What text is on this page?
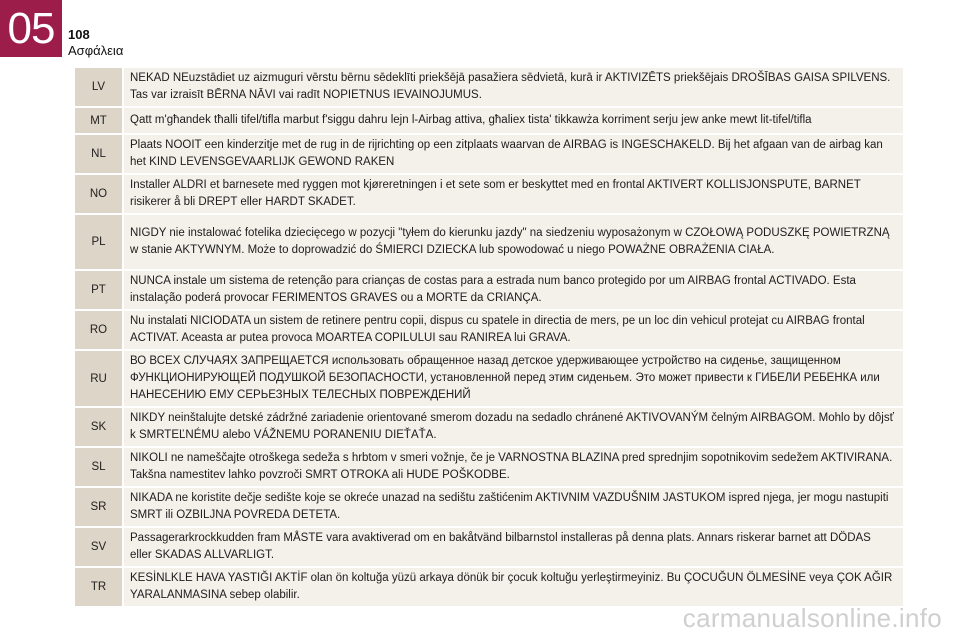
05	108
Ασφάλεια
LV	NEKAD NEuzstādiet uz aizmuguri vērstu bērnu sēdeklīti priekšējā pasažiera sēdvietā, kurā ir AKTIVIZĒTS priekšējais DROŠĪBAS GAISA SPILVENS. Tas var izraisīt BĒRNA NĀVI vai radīt NOPIETNUS IEVAINOJUMUS.
MT	Qatt m'għandek tħalli tifel/tifla marbut f'siggu dahru lejn l-Airbag attiva, għaliex tista' tikkawża korriment serju jew anke mewt lit-tifel/tifla
NL	Plaats NOOIT een kinderzitje met de rug in de rijrichting op een zitplaats waarvan de AIRBAG is INGESCHAKELD. Bij het afgaan van de airbag kan het KIND LEVENSGEVAARLIJK GEWOND RAKEN
NO	Installer ALDRI et barnesete med ryggen mot kjøreretningen i et sete som er beskyttet med en frontal AKTIVERT KOLLISJONSPUTE, BARNET risikerer å bli DREPT eller HARDT SKADET.
PL	NIGDY nie instalować fotelika dziecięcego w pozycji "tyłem do kierunku jazdy" na siedzeniu wyposażonym w CZOŁOWĄ PODUSZKĘ POWIETRZNĄ w stanie AKTYWNYM. Może to doprowadzić do ŚMIERCI DZIECKA lub spowodować u niego POWAŻNE OBRAŻENIA CIAŁA.
PT	NUNCA instale um sistema de retenção para crianças de costas para a estrada num banco protegido por um AIRBAG frontal ACTIVADO. Esta instalação poderá provocar FERIMENTOS GRAVES ou a MORTE da CRIANÇA.
RO	Nu instalati NICIODATA un sistem de retinere pentru copii, dispus cu spatele in directia de mers, pe un loc din vehicul protejat cu AIRBAG frontal ACTIVAT. Aceasta ar putea provoca MOARTEA COPILULUI sau RANIREA lui GRAVA.
RU	ВО ВСЕХ СЛУЧАЯХ ЗАПРЕЩАЕТСЯ использовать обращенное назад детское удерживающее устройство на сиденье, защищенном ФУНКЦИОНИРУЮЩЕЙ ПОДУШКОЙ БЕЗОПАСНОСТИ, установленной перед этим сиденьем. Это может привести к ГИБЕЛИ РЕБЕНКА или НАНЕСЕНИЮ ЕМУ СЕРЬЕЗНЫХ ТЕЛЕСНЫХ ПОВРЕЖДЕНИЙ
SK	NIKDY neinštalujte detské zádržné zariadenie orientované smerom dozadu na sedadlo chránené AKTIVOVANÝM čelným AIRBAGOM. Mohlo by dôjsť k SMRTEĽNÉMU alebo VÁŽNEMU PORANENIU DIEŤAŤA.
SL	NIKOLI ne nameščajte otroškega sedeža s hrbtom v smeri vožnje, če je VARNOSTNA BLAZINA pred sprednjim sopotnikovim sedežem AKTIVIRANA. Takšna namestitev lahko povzroči SMRT OTROKA ali HUDE POŠKODBE.
SR	NIKADA ne koristite dečje sedište koje se okreće unazad na sedištu zaštićenim AKTIVNIM VAZDUŠNIM JASTUKOM ispred njega, jer mogu nastupiti SMRT ili OZBILJNA POVREDA DETETA.
SV	Passagerarkrockkudden fram MÅSTE vara avaktiverad om en bakåtvänd bilbarnstol installeras på denna plats. Annars riskerar barnet att DÖDAS eller SKADAS ALLVARLIGT.
TR	KESİNLKLE HAVA YASTIĞI AKTİF olan ön koltuğa yüzü arkaya dönük bir çocuk koltuğu yerleştirmeyiniz. Bu ÇOCUĞUN ÖLMESİNE veya ÇOK AĞIR YARALANMASINA sebep olabilir.
carmanualsonline.info
